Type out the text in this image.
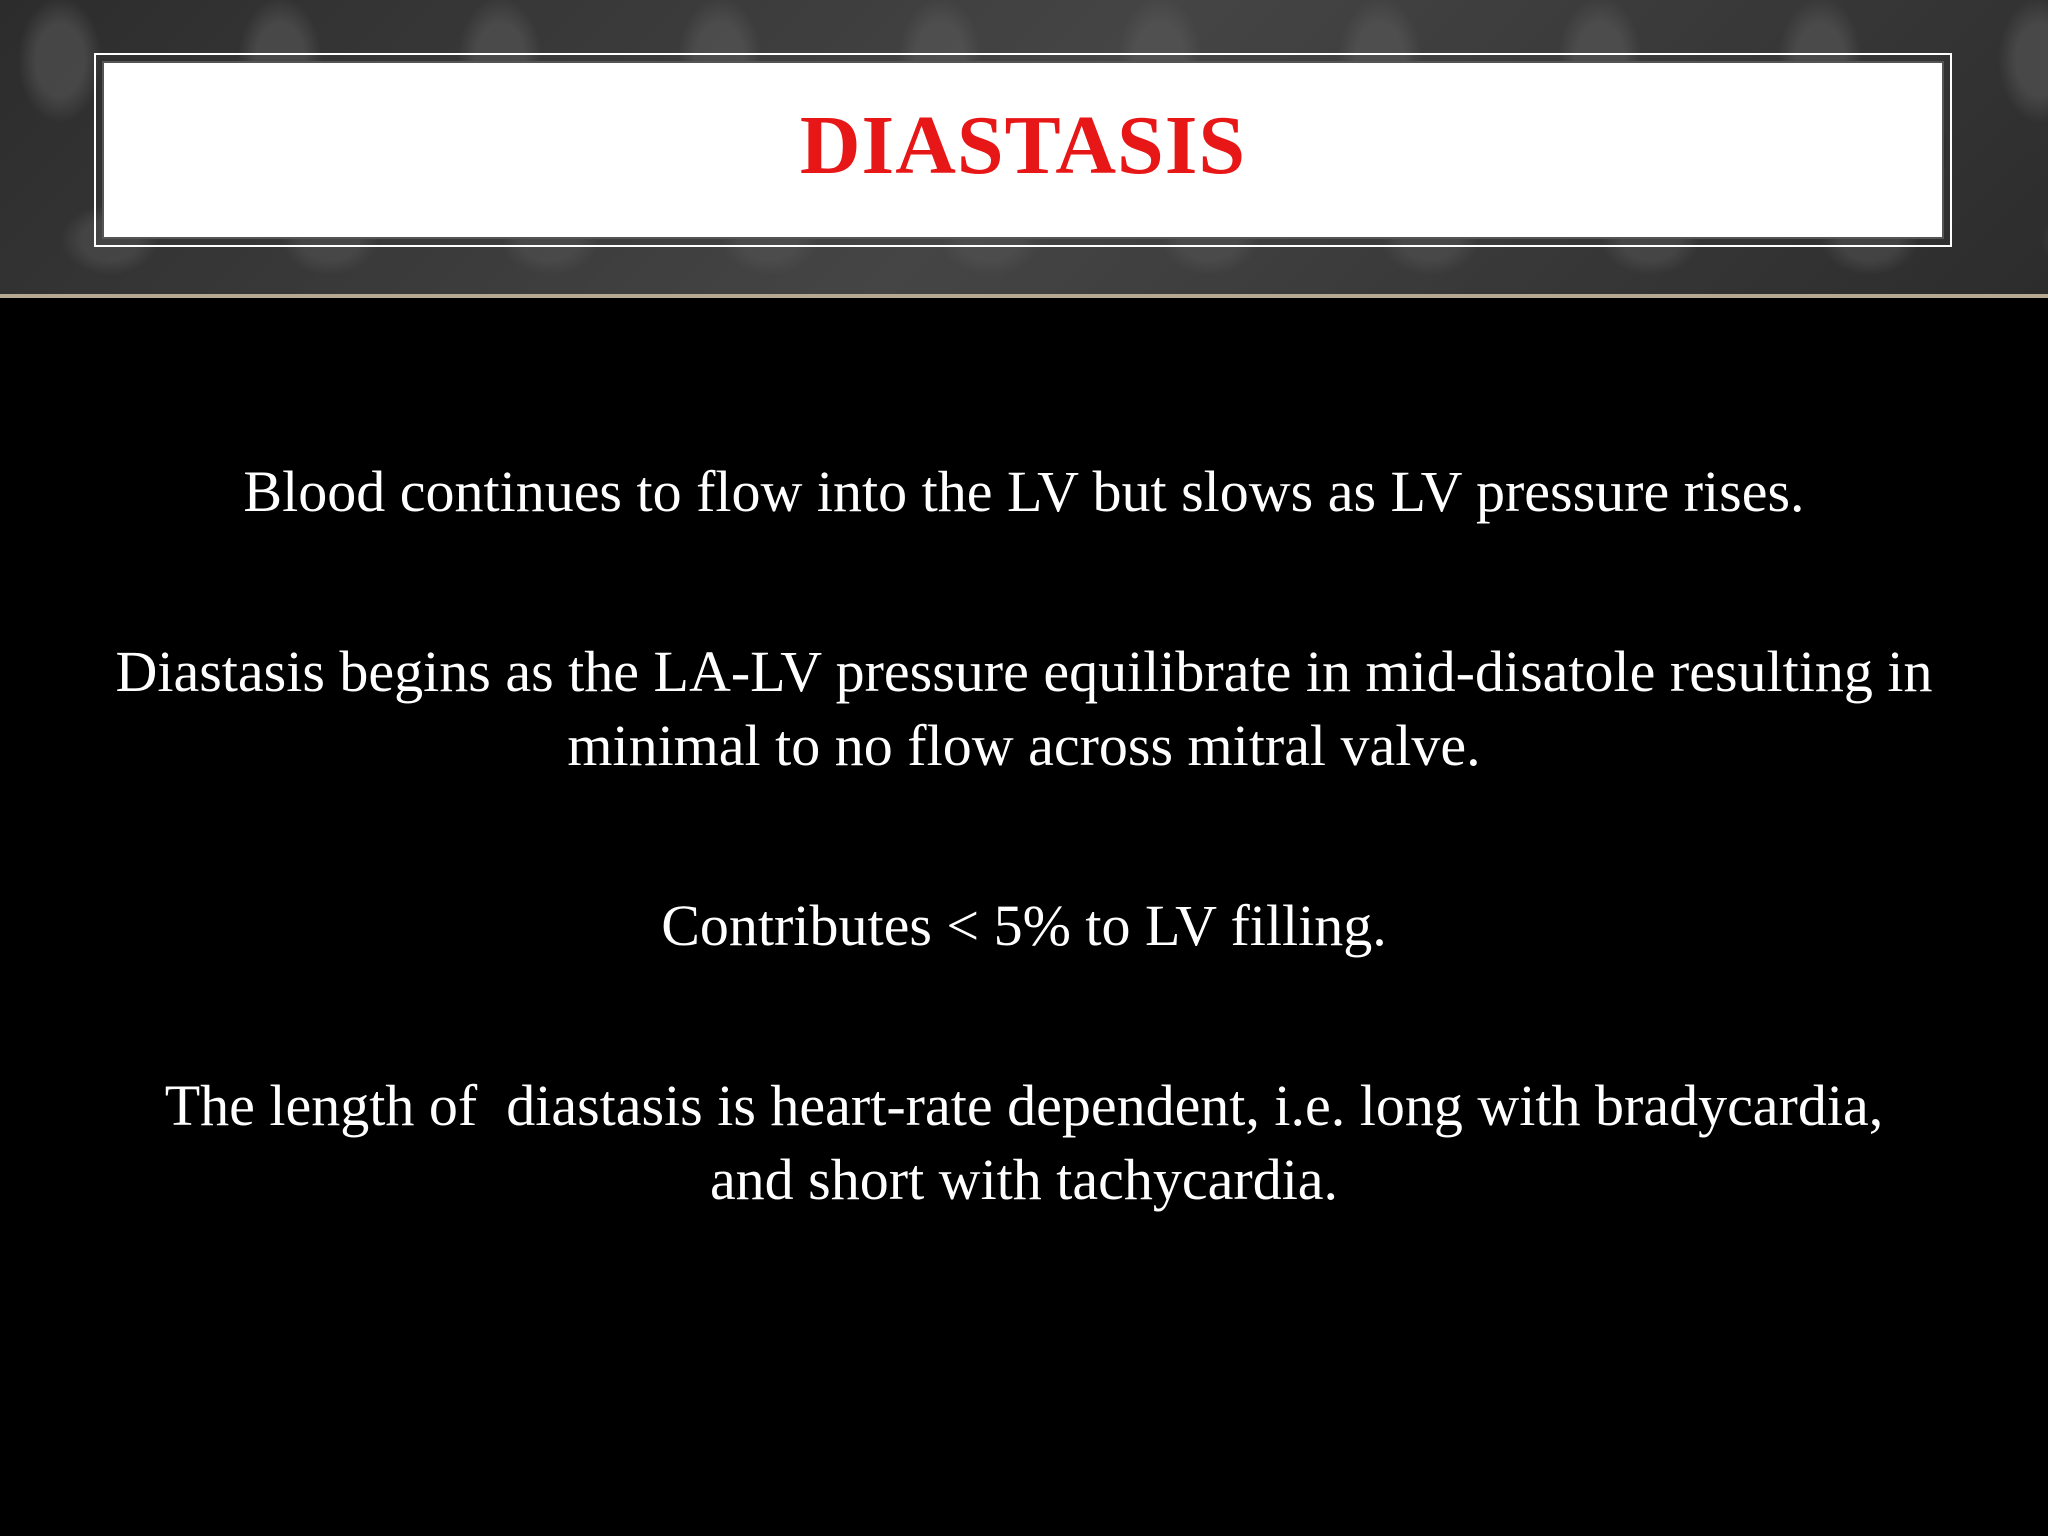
DIASTASIS

Blood continues to flow into the LV but slows as LV pressure rises.

Diastasis begins as the LA-LV pressure equilibrate in mid-disatole resulting in minimal to no flow across mitral valve.

Contributes < 5% to LV filling.

The length of  diastasis is heart-rate dependent, i.e. long with bradycardia, and short with tachycardia.
